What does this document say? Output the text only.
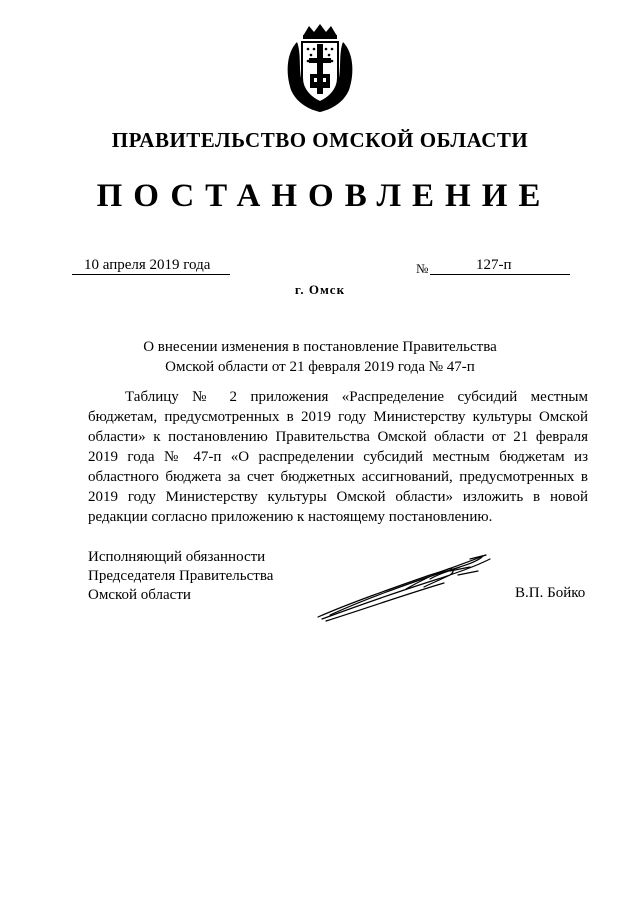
ПРАВИТЕЛЬСТВО ОМСКОЙ ОБЛАСТИ
ПОСТАНОВЛЕНИЕ
10 апреля 2019 года	№	127-п
г. Омск
О внесении изменения в постановление Правительства
Омской области от 21 февраля 2019 года № 47-п
Таблицу № 2 приложения «Распределение субсидий местным бюджетам, предусмотренных в 2019 году Министерству культуры Омской области» к постановлению Правительства Омской области от 21 февраля 2019 года № 47-п «О распределении субсидий местным бюджетам из областного бюджета за счет бюджетных ассигнований, предусмотренных в 2019 году Министерству культуры Омской области» изложить в новой редакции согласно приложению к настоящему постановлению.
Исполняющий обязанности
Председателя Правительства
Омской области	В.П. Бойко
